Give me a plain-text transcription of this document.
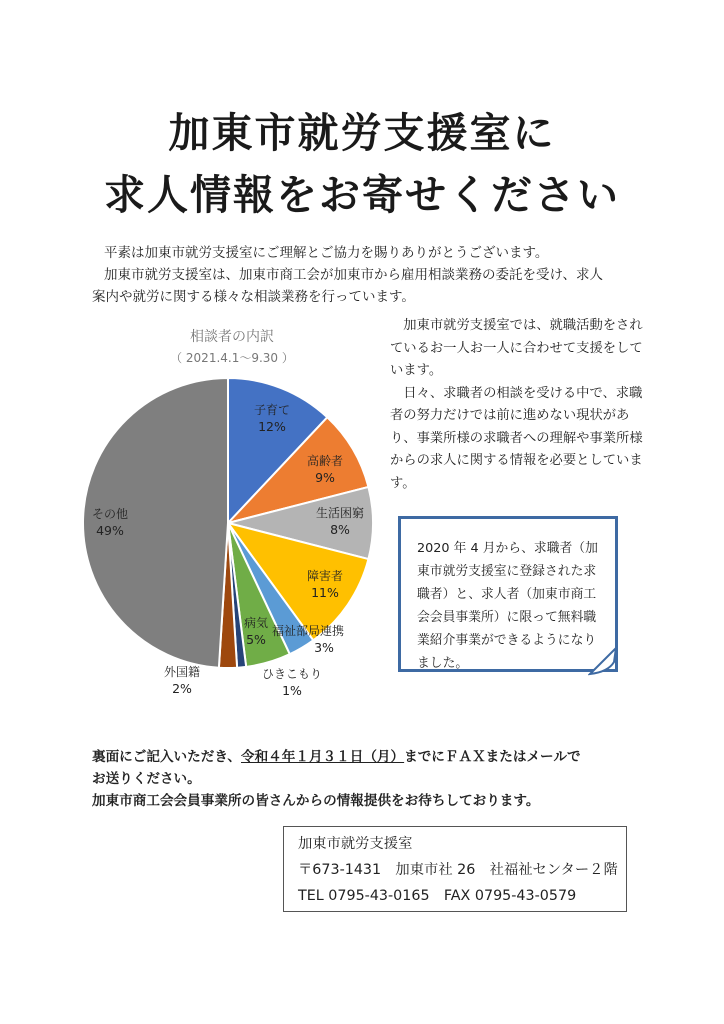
加東市就労支援室に
求人情報をお寄せください
平素は加東市就労支援室にご理解とご協力を賜りありがとうございます。
加東市就労支援室は、加東市商工会が加東市から雇用相談業務の委託を受け、求人
案内や就労に関する様々な相談業務を行っています。
相談者の内訳
（ 2021.4.1～9.30 ）
子育て
12%
高齢者
9%
生活困窮
8%
障害者
11%
福祉部局連携
3%
病気
5%
ひきこもり
1%
外国籍
2%
その他
49%

加東市就労支援室では、就職活動をされているお一人お一人に合わせて支援をしています。

日々、求職者の相談を受ける中で、求職者の努力だけでは前に進めない現状があり、事業所様の求職者への理解や事業所様からの求人に関する情報を必要としています。

2020 年 4 月から、求職者（加東市就労支援室に登録された求職者）と、求人者（加東市商工会会員事業所）に限って無料職業紹介事業ができるようになりました。
裏面にご記入いただき、令和４年１月３１日（月）までにＦＡＸまたはメールで
お送りください。
加東市商工会会員事業所の皆さんからの情報提供をお待ちしております。
加東市就労支援室
〒673-1431　加東市社 26　社福祉センター２階
TEL 0795-43-0165　FAX 0795-43-0579
